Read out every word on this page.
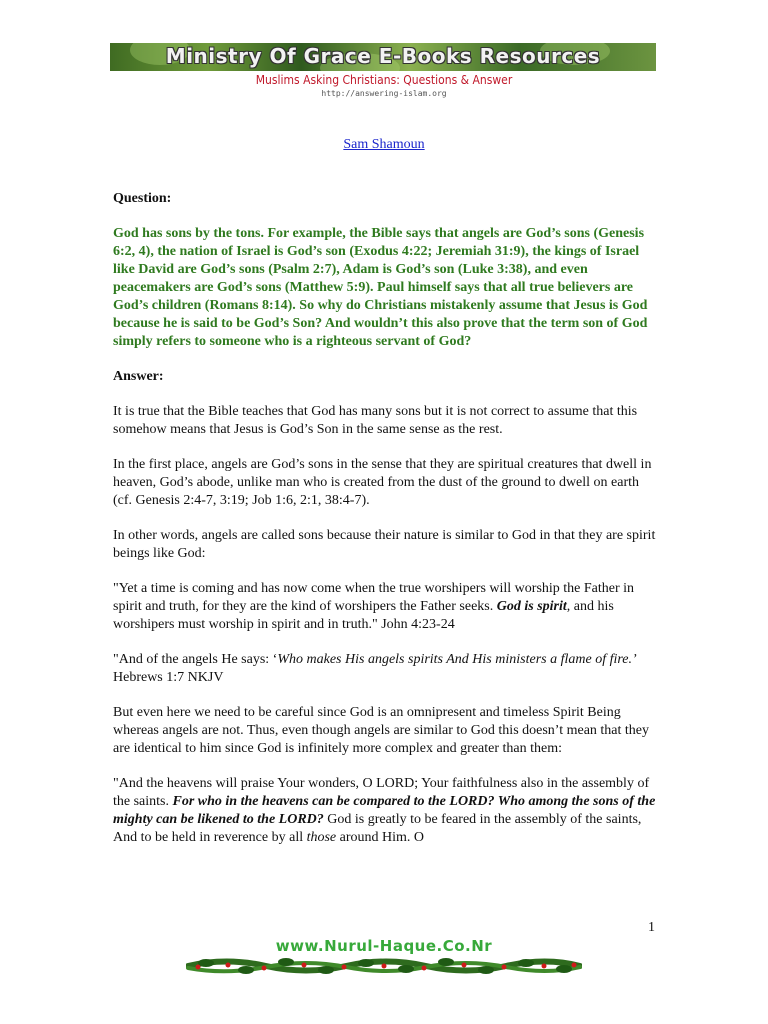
Ministry Of Grace E-Books Resources
Muslims Asking Christians: Questions & Answer
http://answering-islam.org
Sam Shamoun

Question:

God has sons by the tons. For example, the Bible says that angels are God’s sons (Genesis 6:2, 4), the nation of Israel is God’s son (Exodus 4:22; Jeremiah 31:9), the kings of Israel like David are God’s sons (Psalm 2:7), Adam is God’s son (Luke 3:38), and even peacemakers are God’s sons (Matthew 5:9). Paul himself says that all true believers are God’s children (Romans 8:14). So why do Christians mistakenly assume that Jesus is God because he is said to be God’s Son? And wouldn’t this also prove that the term son of God simply refers to someone who is a righteous servant of God?

Answer:

It is true that the Bible teaches that God has many sons but it is not correct to assume that this somehow means that Jesus is God’s Son in the same sense as the rest.

In the first place, angels are God’s sons in the sense that they are spiritual creatures that dwell in heaven, God’s abode, unlike man who is created from the dust of the ground to dwell on earth (cf. Genesis 2:4-7, 3:19; Job 1:6, 2:1, 38:4-7).

In other words, angels are called sons because their nature is similar to God in that they are spirit beings like God:

"Yet a time is coming and has now come when the true worshipers will worship the Father in spirit and truth, for they are the kind of worshipers the Father seeks. God is spirit, and his worshipers must worship in spirit and in truth." John 4:23-24

"And of the angels He says: ‘Who makes His angels spirits And His ministers a flame of fire.’ Hebrews 1:7 NKJV

But even here we need to be careful since God is an omnipresent and timeless Spirit Being whereas angels are not. Thus, even though angels are similar to God this doesn’t mean that they are identical to him since God is infinitely more complex and greater than them:

"And the heavens will praise Your wonders, O LORD; Your faithfulness also in the assembly of the saints. For who in the heavens can be compared to the LORD? Who among the sons of the mighty can be likened to the LORD? God is greatly to be feared in the assembly of the saints, And to be held in reverence by all those around Him. O

1
www.Nurul-Haque.Co.Nr
